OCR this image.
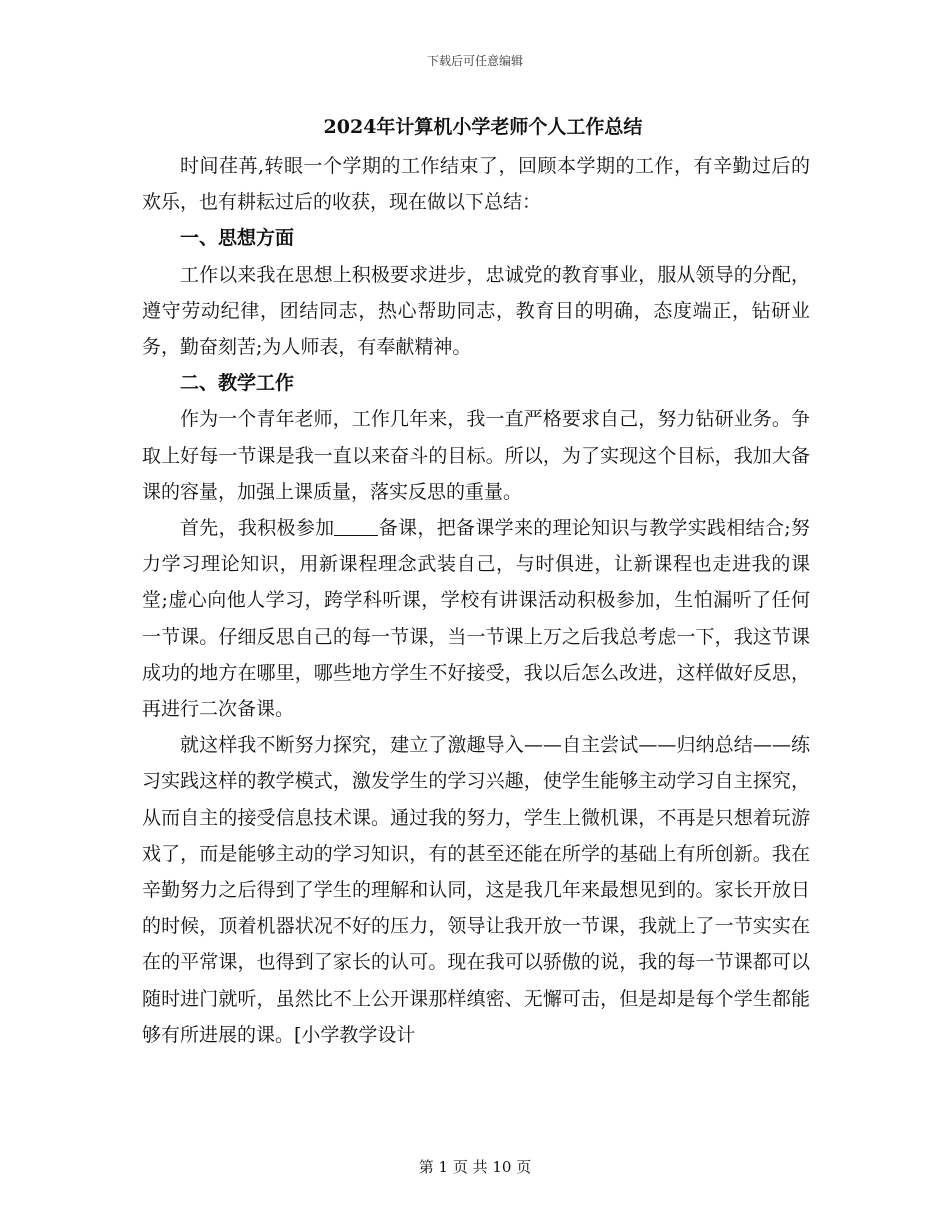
下载后可任意编辑
2024年计算机小学老师个人工作总结

时间荏苒,转眼一个学期的工作结束了，回顾本学期的工作，有辛勤过后的欢乐，也有耕耘过后的收获，现在做以下总结：

一、思想方面

工作以来我在思想上积极要求进步，忠诚党的教育事业，服从领导的分配，遵守劳动纪律，团结同志，热心帮助同志，教育目的明确，态度端正，钻研业务，勤奋刻苦;为人师表，有奉献精神。

二、教学工作

作为一个青年老师，工作几年来，我一直严格要求自己，努力钻研业务。争取上好每一节课是我一直以来奋斗的目标。所以，为了实现这个目标，我加大备课的容量，加强上课质量，落实反思的重量。

首先，我积极参加 备课，把备课学来的理论知识与教学实践相结合;努力学习理论知识，用新课程理念武装自己，与时俱进，让新课程也走进我的课堂;虚心向他人学习，跨学科听课，学校有讲课活动积极参加，生怕漏听了任何一节课。仔细反思自己的每一节课，当一节课上万之后我总考虑一下，我这节课成功的地方在哪里，哪些地方学生不好接受，我以后怎么改进，这样做好反思，再进行二次备课。

就这样我不断努力探究，建立了激趣导入——自主尝试——归纳总结——练习实践这样的教学模式，激发学生的学习兴趣，使学生能够主动学习自主探究，从而自主的接受信息技术课。通过我的努力，学生上微机课，不再是只想着玩游戏了，而是能够主动的学习知识，有的甚至还能在所学的基础上有所创新。我在辛勤努力之后得到了学生的理解和认同，这是我几年来最想见到的。家长开放日的时候，顶着机器状况不好的压力，领导让我开放一节课，我就上了一节实实在在的平常课，也得到了家长的认可。现在我可以骄傲的说，我的每一节课都可以随时进门就听，虽然比不上公开课那样缜密、无懈可击，但是却是每个学生都能够有所进展的课。[小学教学设计

第 1 页 共 10 页
